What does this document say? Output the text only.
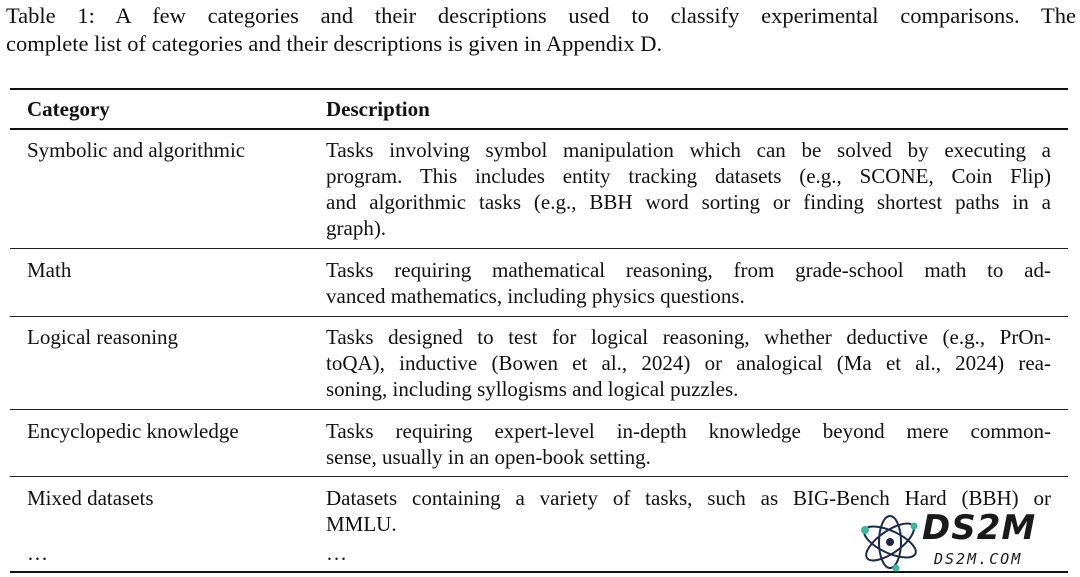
Table 1: A few categories and their descriptions used to classify experimental comparisons. The
complete list of categories and their descriptions is given in Appendix D.
Category	Description
Symbolic and algorithmic	Tasks involving symbol manipulation which can be solved by executing a
program. This includes entity tracking datasets (e.g., SCONE, Coin Flip)
and algorithmic tasks (e.g., BBH word sorting or finding shortest paths in a
graph).
Math	Tasks requiring mathematical reasoning, from grade-school math to ad-
vanced mathematics, including physics questions.
Logical reasoning	Tasks designed to test for logical reasoning, whether deductive (e.g., PrOn-
toQA), inductive (Bowen et al., 2024) or analogical (Ma et al., 2024) rea-
soning, including syllogisms and logical puzzles.
Encyclopedic knowledge	Tasks requiring expert-level in-depth knowledge beyond mere common-
sense, usually in an open-book setting.
Mixed datasets	Datasets containing a variety of tasks, such as BIG-Bench Hard (BBH) or
MMLU.
…	…
DS2M
DS2M.COM
